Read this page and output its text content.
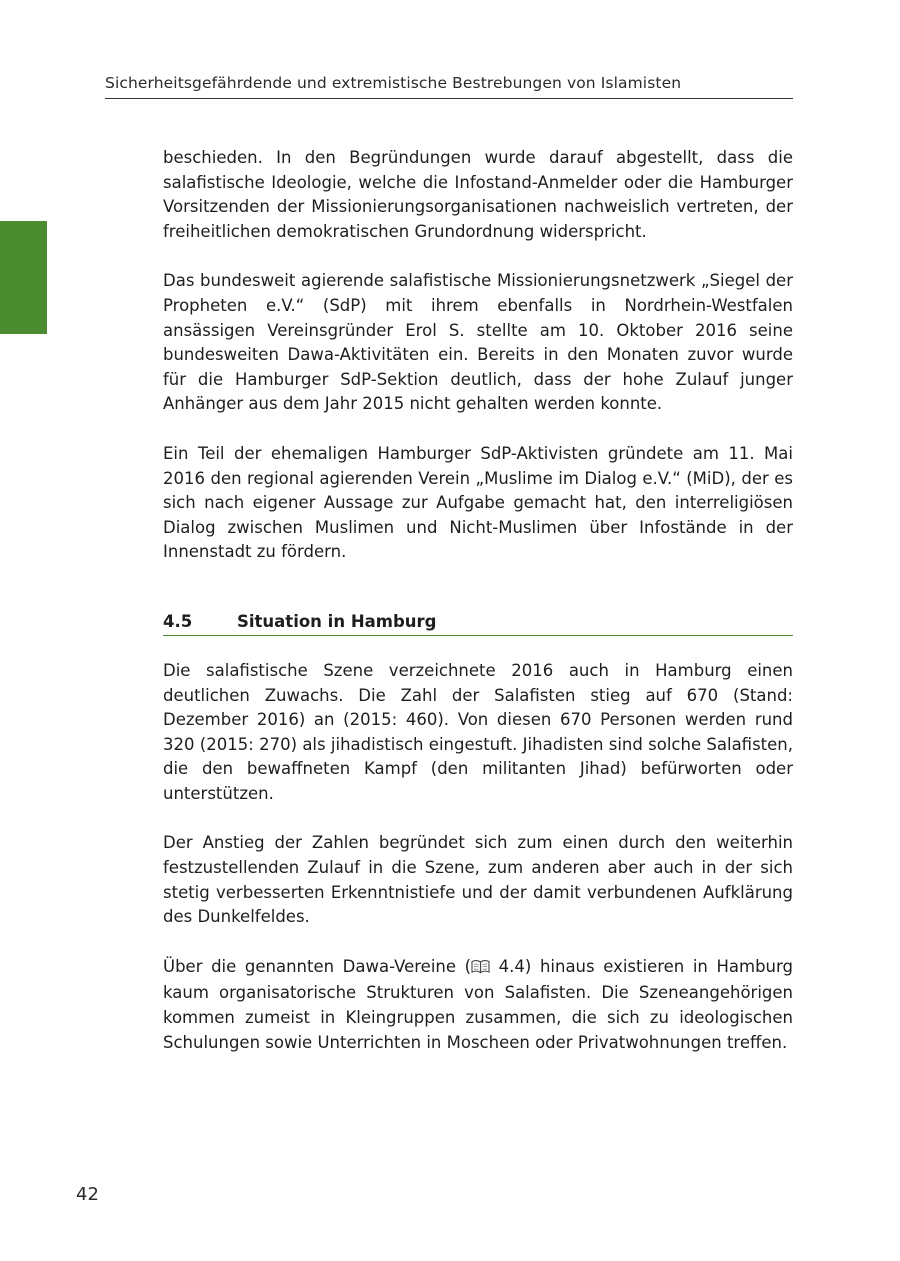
Sicherheitsgefährdende und extremistische Bestrebungen von Islamisten

beschieden. In den Begründungen wurde darauf abgestellt, dass die salafistische Ideologie, welche die Infostand-Anmelder oder die Hamburger Vorsitzenden der Missionierungsorganisationen nachweislich vertreten, der freiheitlichen demokratischen Grundordnung widerspricht.

Das bundesweit agierende salafistische Missionierungsnetzwerk „Siegel der Propheten e.V.“ (SdP) mit ihrem ebenfalls in Nordrhein-Westfalen ansässigen Vereinsgründer Erol S. stellte am 10. Oktober 2016 seine bundesweiten Dawa-Aktivitäten ein. Bereits in den Monaten zuvor wurde für die Hamburger SdP-Sektion deutlich, dass der hohe Zulauf junger Anhänger aus dem Jahr 2015 nicht gehalten werden konnte.

Ein Teil der ehemaligen Hamburger SdP-Aktivisten gründete am 11. Mai 2016 den regional agierenden Verein „Muslime im Dialog e.V.“ (MiD), der es sich nach eigener Aussage zur Aufgabe gemacht hat, den interreligiösen Dialog zwischen Muslimen und Nicht-Muslimen über Infostände in der Innenstadt zu fördern.

4.5	Situation in Hamburg

Die salafistische Szene verzeichnete 2016 auch in Hamburg einen deutlichen Zuwachs. Die Zahl der Salafisten stieg auf 670 (Stand: Dezember 2016) an (2015: 460). Von diesen 670 Personen werden rund 320 (2015: 270) als jihadistisch eingestuft. Jihadisten sind solche Salafisten, die den bewaffneten Kampf (den militanten Jihad) befürworten oder unterstützen.

Der Anstieg der Zahlen begründet sich zum einen durch den weiterhin festzustellenden Zulauf in die Szene, zum anderen aber auch in der sich stetig verbesserten Erkenntnistiefe und der damit verbundenen Aufklärung des Dunkelfeldes.

Über die genannten Dawa-Vereine ( 4.4) hinaus existieren in Hamburg kaum organisatorische Strukturen von Salafisten. Die Szeneangehörigen kommen zumeist in Kleingruppen zusammen, die sich zu ideologischen Schulungen sowie Unterrichten in Moscheen oder Privatwohnungen treffen.

42
